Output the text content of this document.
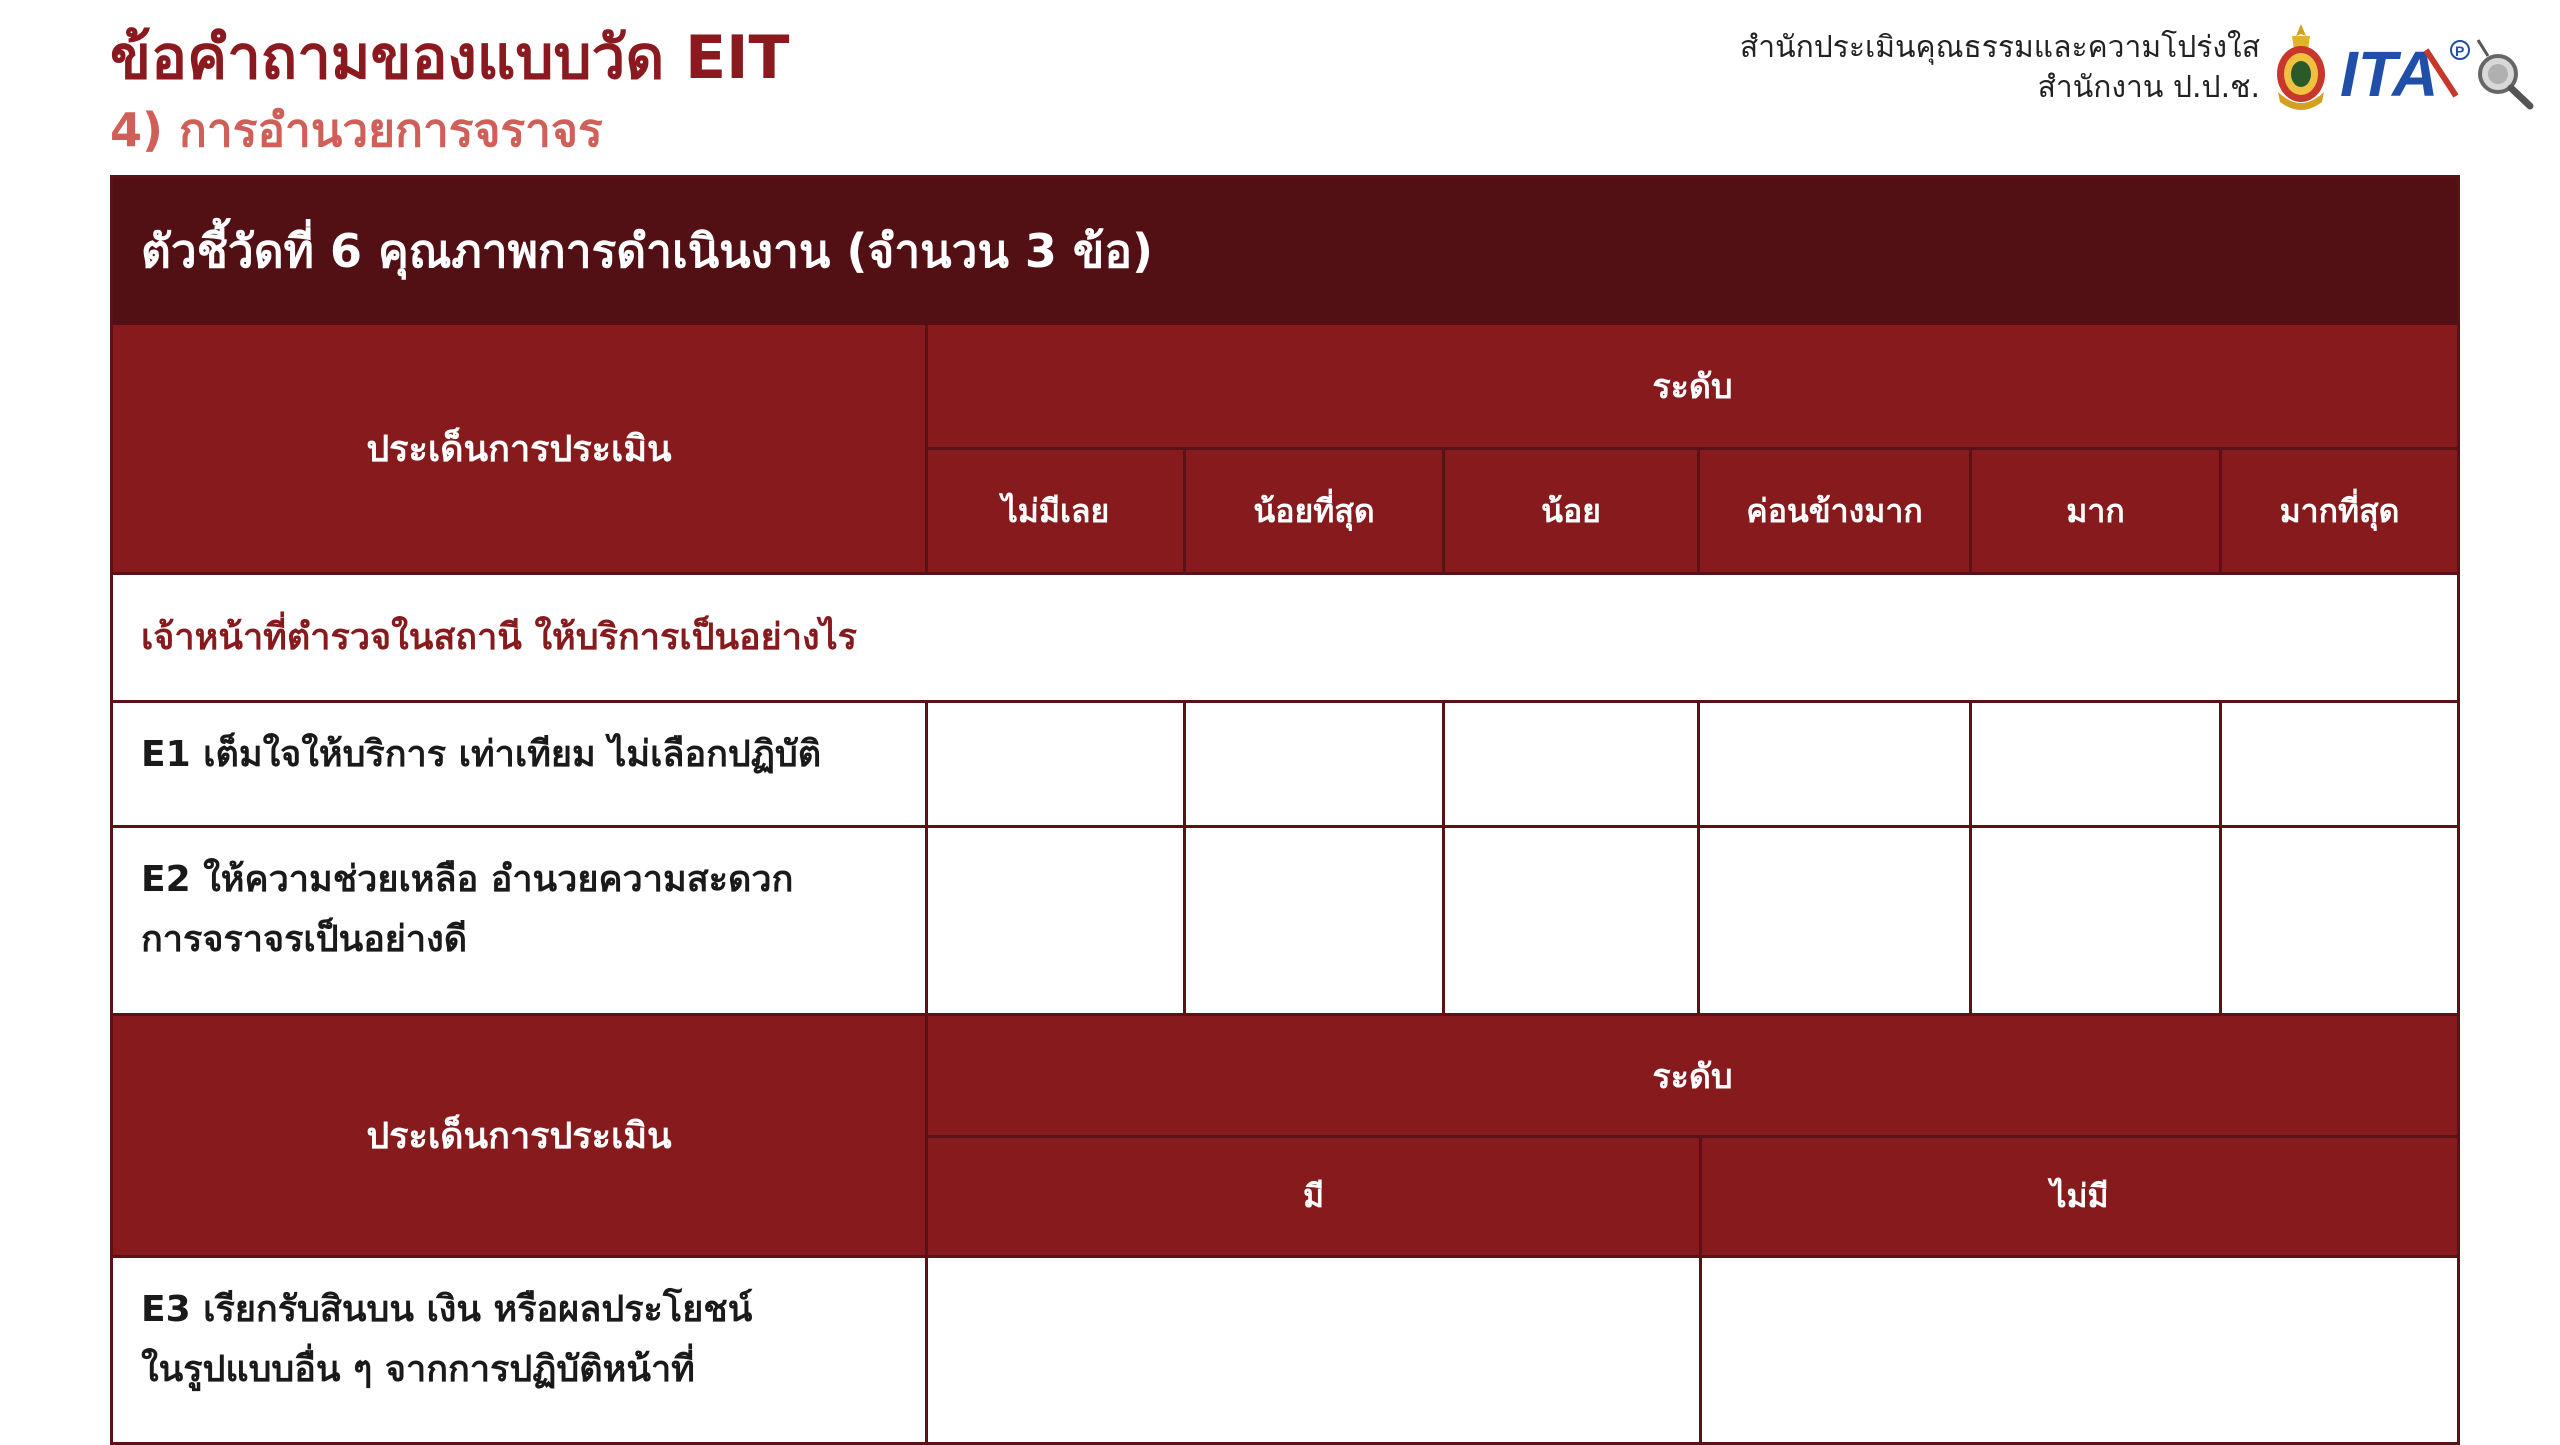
ข้อคำถามของแบบวัด EIT
4) การอำนวยการจราจร
สำนักประเมินคุณธรรมและความโปร่งใส
สำนักงาน ป.ป.ช. ITA P
ตัวชี้วัดที่ 6 คุณภาพการดำเนินงาน (จำนวน 3 ข้อ)
ประเด็นการประเมิน
ระดับ
ไม่มีเลย	น้อยที่สุด	น้อย	ค่อนข้างมาก	มาก	มากที่สุด
เจ้าหน้าที่ตำรวจในสถานี ให้บริการเป็นอย่างไร
E1 เต็มใจให้บริการ เท่าเทียม ไม่เลือกปฏิบัติ
E2 ให้ความช่วยเหลือ อำนวยความสะดวก
การจราจรเป็นอย่างดี
ประเด็นการประเมิน
ระดับ
มี	ไม่มี
E3 เรียกรับสินบน เงิน หรือผลประโยชน์
ในรูปแบบอื่น ๆ จากการปฏิบัติหน้าที่
